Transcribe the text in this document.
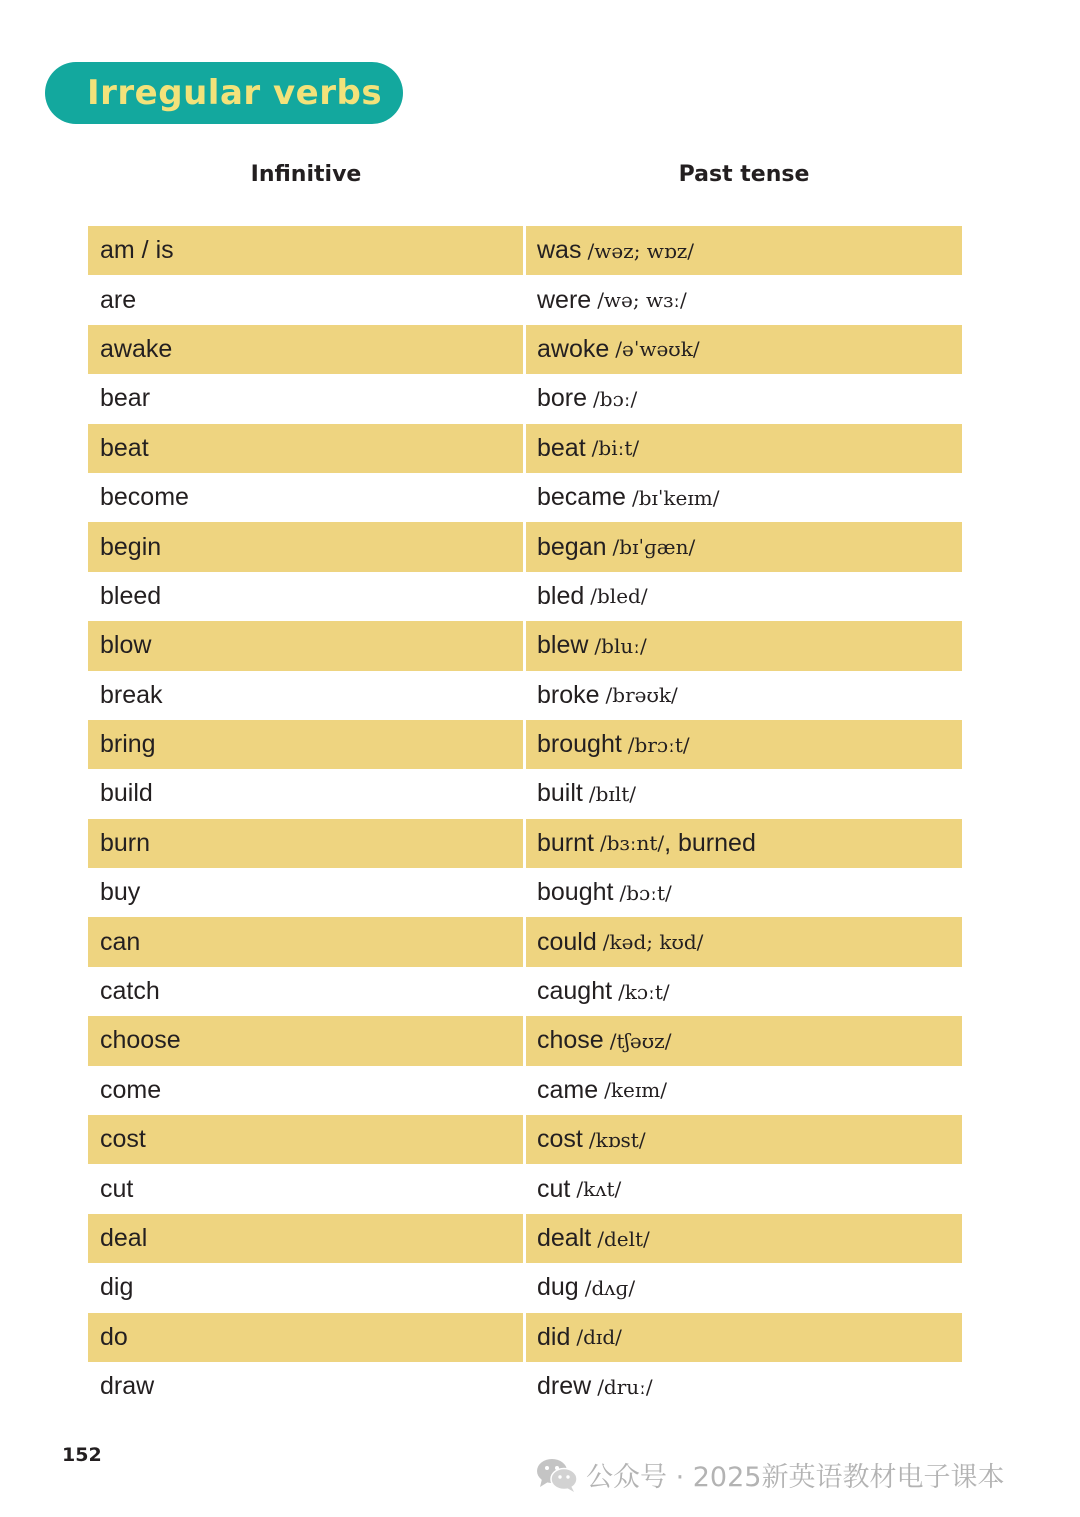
Irregular verbs
Infinitive	Past tense
am / is	was /wəz; wɒz/
are	were /wə; wɜː/
awake	awoke /əˈwəʊk/
bear	bore /bɔː/
beat	beat /biːt/
become	became /bɪˈkeɪm/
begin	began /bɪˈɡæn/
bleed	bled /bled/
blow	blew /bluː/
break	broke /brəʊk/
bring	brought /brɔːt/
build	built /bɪlt/
burn	burnt /bɜːnt/ , burned
buy	bought /bɔːt/
can	could /kəd; kʊd/
catch	caught /kɔːt/
choose	chose /tʃəʊz/
come	came /keɪm/
cost	cost /kɒst/
cut	cut /kʌt/
deal	dealt /delt/
dig	dug /dʌɡ/
do	did /dɪd/
draw	drew /druː/
152
公众号 · 2025新英语教材电子课本
